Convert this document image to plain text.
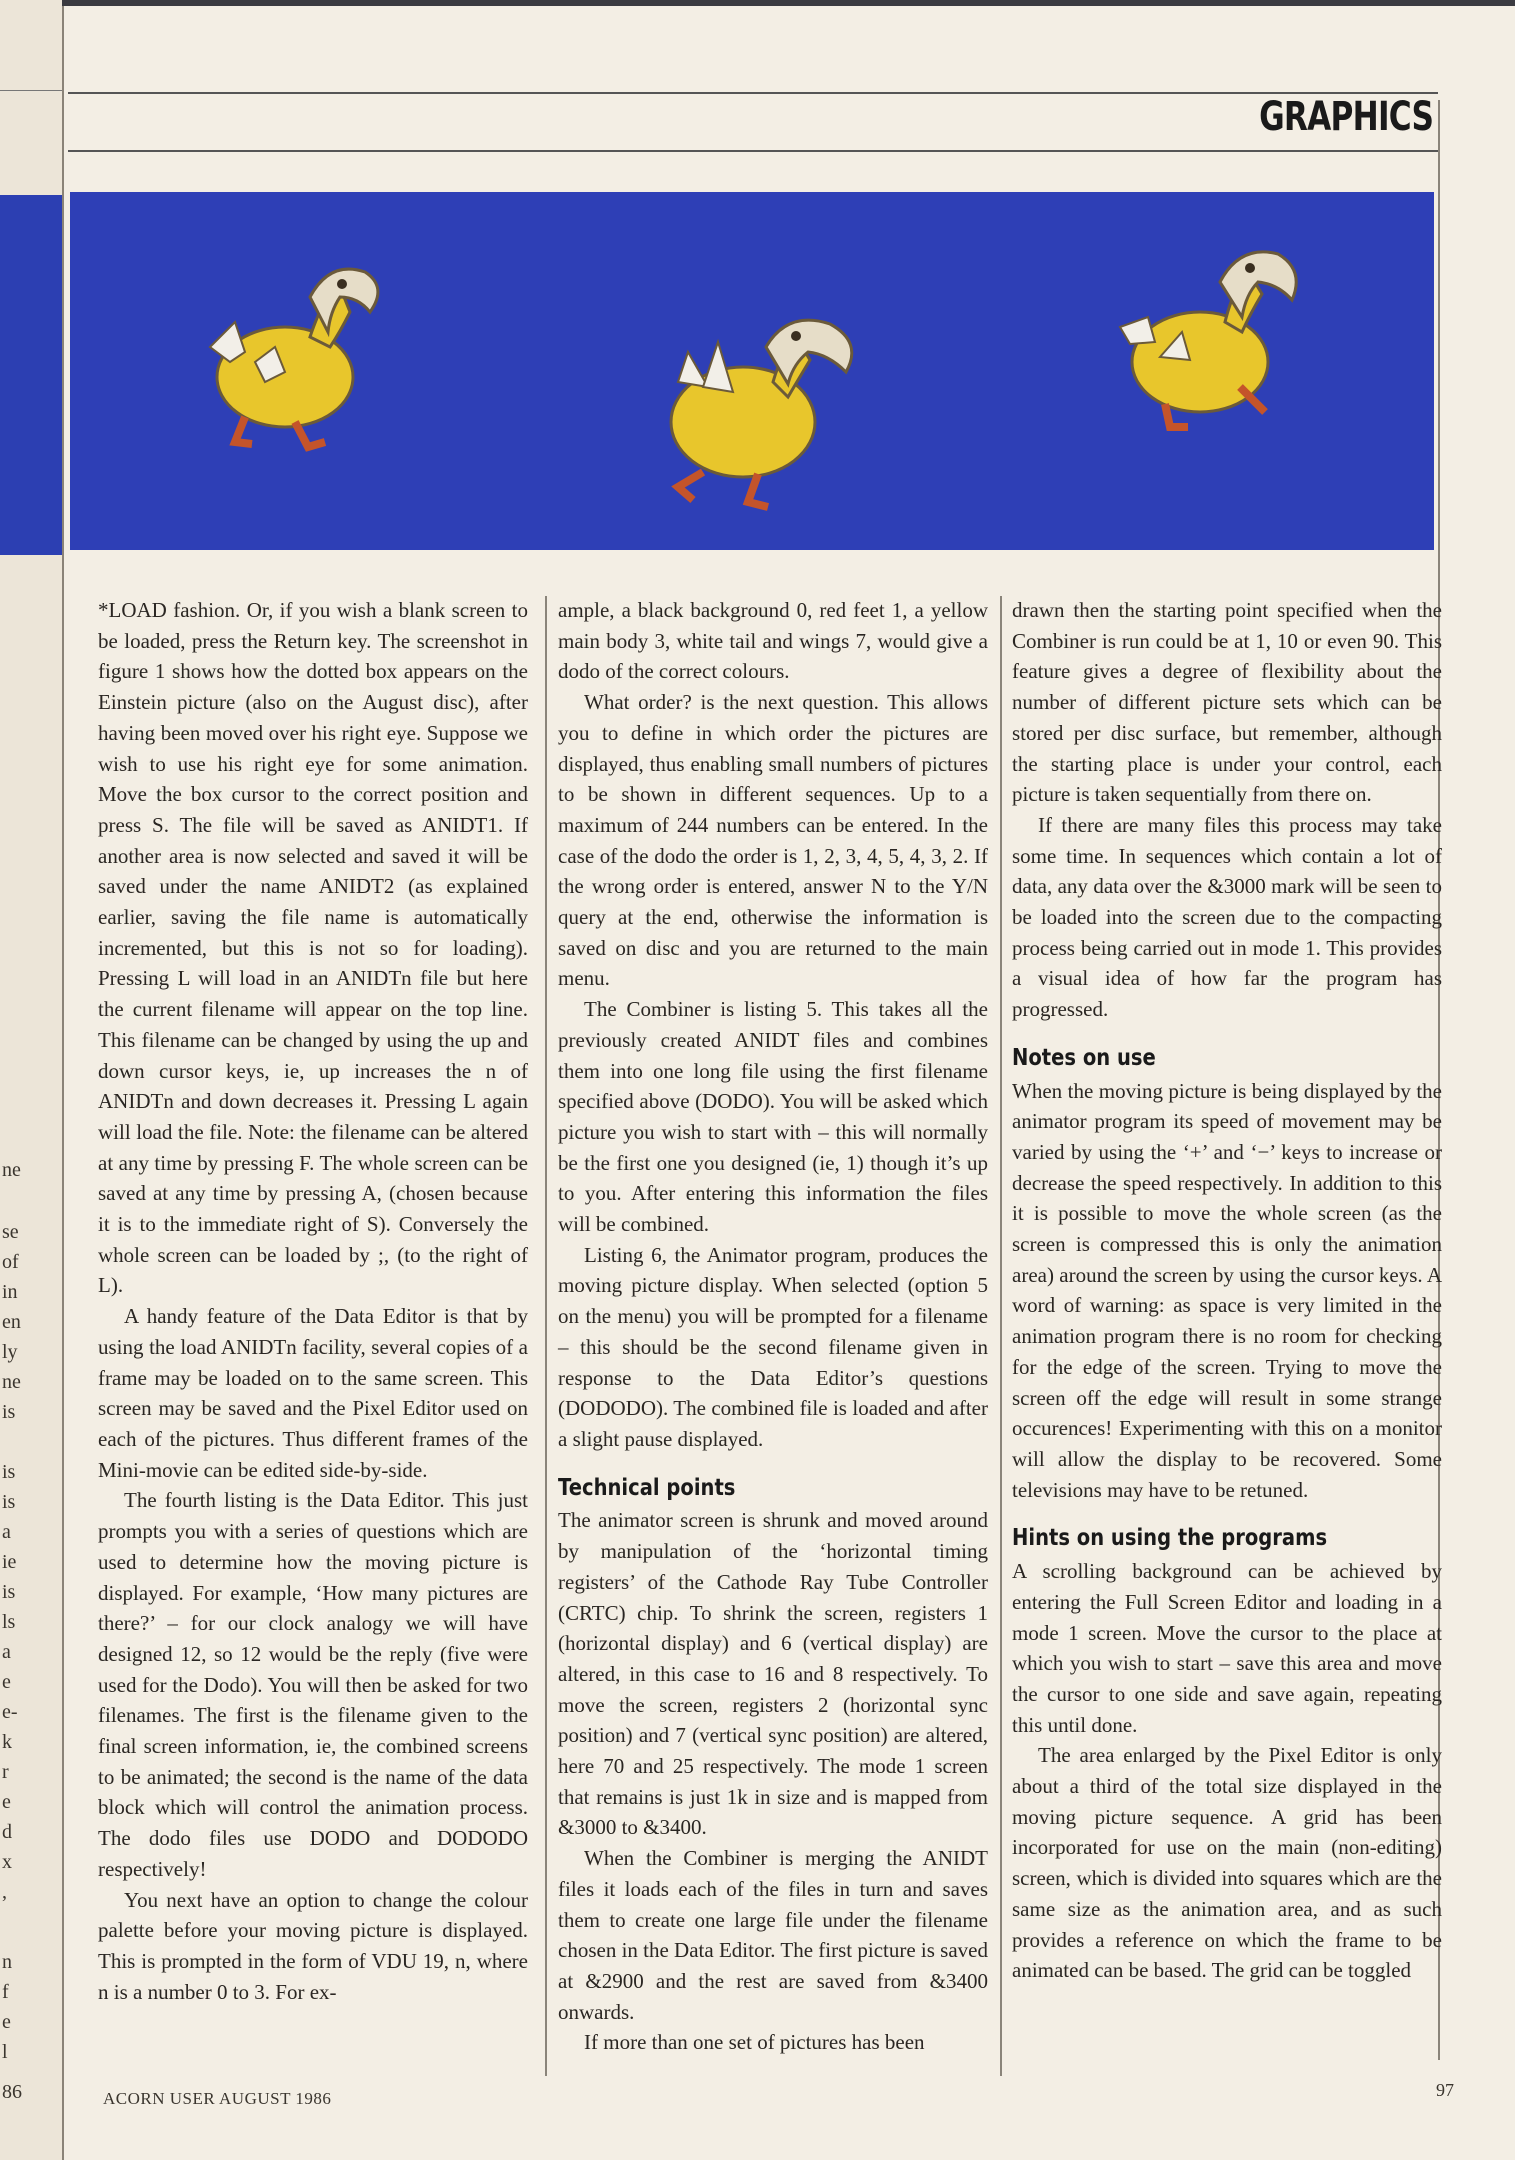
ne
se
of
in
en
ly
ne
is
is
is
a
ie
is
ls
a
e
e-
k
r
e
d
x
,
n
f
e
l
86
GRAPHICS

*LOAD fashion. Or, if you wish a blank screen to be loaded, press the Return key. The screenshot in figure 1 shows how the dotted box appears on the Einstein picture (also on the August disc), after having been moved over his right eye. Suppose we wish to use his right eye for some animation. Move the box cursor to the correct position and press S. The file will be saved as ANIDT1. If another area is now selected and saved it will be saved under the name ANIDT2 (as explained earlier, saving the file name is automatically incremented, but this is not so for loading). Pressing L will load in an ANIDTn file but here the current filename will appear on the top line. This filename can be changed by using the up and down cursor keys, ie, up increases the n of ANIDTn and down decreases it. Pressing L again will load the file. Note: the filename can be altered at any time by pressing F. The whole screen can be saved at any time by pressing A, (chosen because it is to the immediate right of S). Conversely the whole screen can be loaded by ;, (to the right of L).

A handy feature of the Data Editor is that by using the load ANIDTn facility, several copies of a frame may be loaded on to the same screen. This screen may be saved and the Pixel Editor used on each of the pictures. Thus different frames of the Mini-movie can be edited side-by-side.

The fourth listing is the Data Editor. This just prompts you with a series of questions which are used to determine how the moving picture is displayed. For example, ‘How many pictures are there?’ – for our clock analogy we will have designed 12, so 12 would be the reply (five were used for the Dodo). You will then be asked for two filenames. The first is the filename given to the final screen information, ie, the combined screens to be animated; the second is the name of the data block which will control the animation process. The dodo files use DODO and DODODO respectively!

You next have an option to change the colour palette before your moving picture is displayed. This is prompted in the form of VDU 19, n, where n is a number 0 to 3. For ex-

ample, a black background 0, red feet 1, a yellow main body 3, white tail and wings 7, would give a dodo of the correct colours.

What order? is the next question. This allows you to define in which order the pictures are displayed, thus enabling small numbers of pictures to be shown in different sequences. Up to a maximum of 244 numbers can be entered. In the case of the dodo the order is 1, 2, 3, 4, 5, 4, 3, 2. If the wrong order is entered, answer N to the Y/N query at the end, otherwise the information is saved on disc and you are returned to the main menu.

The Combiner is listing 5. This takes all the previously created ANIDT files and combines them into one long file using the first filename specified above (DODO). You will be asked which picture you wish to start with – this will normally be the first one you designed (ie, 1) though it’s up to you. After entering this information the files will be combined.

Listing 6, the Animator program, produces the moving picture display. When selected (option 5 on the menu) you will be prompted for a filename – this should be the second filename given in response to the Data Editor’s questions (DODODO). The combined file is loaded and after a slight pause displayed.

Technical points

The animator screen is shrunk and moved around by manipulation of the ‘horizontal timing registers’ of the Cathode Ray Tube Controller (CRTC) chip. To shrink the screen, registers 1 (horizontal display) and 6 (vertical display) are altered, in this case to 16 and 8 respectively. To move the screen, registers 2 (horizontal sync position) and 7 (vertical sync position) are altered, here 70 and 25 respectively. The mode 1 screen that remains is just 1k in size and is mapped from &3000 to &3400.

When the Combiner is merging the ANIDT files it loads each of the files in turn and saves them to create one large file under the filename chosen in the Data Editor. The first picture is saved at &2900 and the rest are saved from &3400 onwards.

If more than one set of pictures has been

drawn then the starting point specified when the Combiner is run could be at 1, 10 or even 90. This feature gives a degree of flexibility about the number of different picture sets which can be stored per disc surface, but remember, although the starting place is under your control, each picture is taken sequentially from there on.

If there are many files this process may take some time. In sequences which contain a lot of data, any data over the &3000 mark will be seen to be loaded into the screen due to the compacting process being carried out in mode 1. This provides a visual idea of how far the program has progressed.

Notes on use

When the moving picture is being displayed by the animator program its speed of movement may be varied by using the ‘+’ and ‘−’ keys to increase or decrease the speed respectively. In addition to this it is possible to move the whole screen (as the screen is compressed this is only the animation area) around the screen by using the cursor keys. A word of warning: as space is very limited in the animation program there is no room for checking for the edge of the screen. Trying to move the screen off the edge will result in some strange occurences! Experimenting with this on a monitor will allow the display to be recovered. Some televisions may have to be retuned.

Hints on using the programs

A scrolling background can be achieved by entering the Full Screen Editor and loading in a mode 1 screen. Move the cursor to the place at which you wish to start – save this area and move the cursor to one side and save again, repeating this until done.

The area enlarged by the Pixel Editor is only about a third of the total size displayed in the moving picture sequence. A grid has been incorporated for use on the main (non-editing) screen, which is divided into squares which are the same size as the animation area, and as such provides a reference on which the frame to be animated can be based. The grid can be toggled

ACORN USER AUGUST 1986	97
